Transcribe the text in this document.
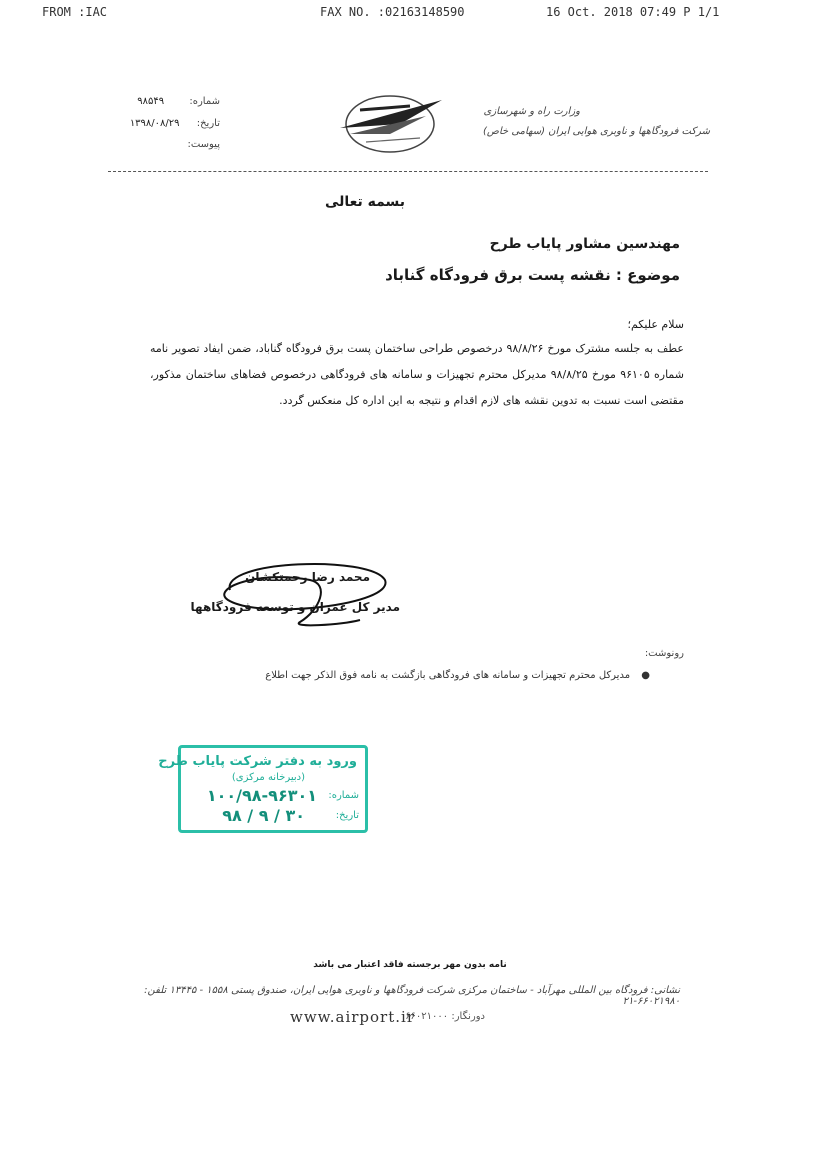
FROM :IAC	FAX NO. :02163148590	16 Oct. 2018 07:49 P 1/1
شماره: ۹۸۵۴۹
تاریخ: ۱۳۹۸/۰۸/۲۹
پیوست:
وزارت راه و شهرسازی
شرکت فرودگاهها و ناوبری هوایی ایران (سهامی خاص)
بسمه تعالی
مهندسین مشاور پایاب طرح
موضوع : نقشه پست برق فرودگاه گناباد
سلام علیکم؛
عطف به جلسه مشترک مورخ ۹۸/۸/۲۶ درخصوص طراحی ساختمان پست برق فرودگاه گناباد، ضمن ایفاد تصویر نامه شماره ۹۶۱۰۵ مورخ ۹۸/۸/۲۵ مدیرکل محترم تجهیزات و سامانه های فرودگاهی درخصوص فضاهای ساختمان مذکور، مقتضی است نسبت به تدوین نقشه های لازم اقدام و نتیجه به این اداره کل منعکس گردد.
محمد رضا رحمتکشان
مدیر کل عمران و توسعه فرودگاهها
رونوشت:
● مدیرکل محترم تجهیزات و سامانه های فرودگاهی بازگشت به نامه فوق الذکر جهت اطلاع
ورود به دفتر شرکت پایاب طرح
(دبیرخانه مرکزی)
شماره:
۱۰۰/۹۸-۹۶۳۰۱
تاریخ:
۹۸ / ۹ / ۳۰
نامه بدون مهر برجسته فاقد اعتبار می باشد
نشانی: فرودگاه بین المللی مهرآباد - ساختمان مرکزی شرکت فرودگاهها و ناوبری هوایی ایران، صندوق پستی ۱۵۵۸ - ۱۳۴۴۵ تلفن: ۶۶۰۲۱۹۸۰-۲۱
www.airport.ir
دورنگار: ۶۶۰۲۱۰۰۰
